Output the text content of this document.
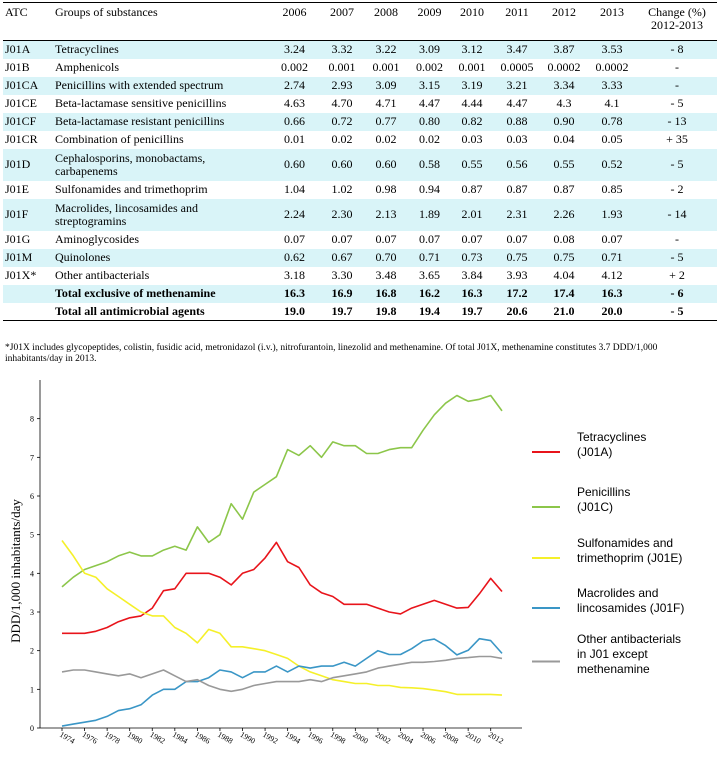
ATC	Groups of substances	2006	2007	2008	2009	2010	2011	2012	2013	Change (%)
2012-2013

J01A	Tetracyclines	3.24	3.32	3.22	3.09	3.12	3.47	3.87	3.53	- 8
J01B	Amphenicols	0.002	0.001	0.001	0.002	0.001	0.0005	0.0002	0.0002	-
J01CA	Penicillins with extended spectrum	2.74	2.93	3.09	3.15	3.19	3.21	3.34	3.33	-
J01CE	Beta-lactamase sensitive penicillins	4.63	4.70	4.71	4.47	4.44	4.47	4.3	4.1	- 5
J01CF	Beta-lactamase resistant penicillins	0.66	0.72	0.77	0.80	0.82	0.88	0.90	0.78	- 13
J01CR	Combination of penicillins	0.01	0.02	0.02	0.02	0.03	0.03	0.04	0.05	+ 35
J01D	Cephalosporins, monobactams,
carbapenems	0.60	0.60	0.60	0.58	0.55	0.56	0.55	0.52	- 5
J01E	Sulfonamides and trimethoprim	1.04	1.02	0.98	0.94	0.87	0.87	0.87	0.85	- 2
J01F	Macrolides, lincosamides and
streptogramins	2.24	2.30	2.13	1.89	2.01	2.31	2.26	1.93	- 14
J01G	Aminoglycosides	0.07	0.07	0.07	0.07	0.07	0.07	0.08	0.07	-
J01M	Quinolones	0.62	0.67	0.70	0.71	0.73	0.75	0.75	0.71	- 5
J01X*	Other antibacterials	3.18	3.30	3.48	3.65	3.84	3.93	4.04	4.12	+ 2

	Total exclusive of methenamine	16.3	16.9	16.8	16.2	16.3	17.2	17.4	16.3	- 6

	Total all antimicrobial agents	19.0	19.7	19.8	19.4	19.7	20.6	21.0	20.0	- 5
*J01X includes glycopeptides, colistin, fusidic acid, metronidazol (i.v.), nitrofurantoin, linezolid and methenamine. Of total J01X, methenamine constitutes 3.7 DDD/1,000 inhabitants/day in 2013.
DDD/1,000 inhabitants/day
0
1
2
3
4
5
6
7
8
1974 1976 1978 1980 1982 1984 1986 1988 1990 1992 1994 1996 1998 2000 2002 2004 2006 2008 2010 2012
Tetracyclines
(J01A)
Penicillins
(J01C)
Sulfonamides and
trimethoprim (J01E)
Macrolides and
lincosamides (J01F)
Other antibacterials
in J01 except
methenamine
